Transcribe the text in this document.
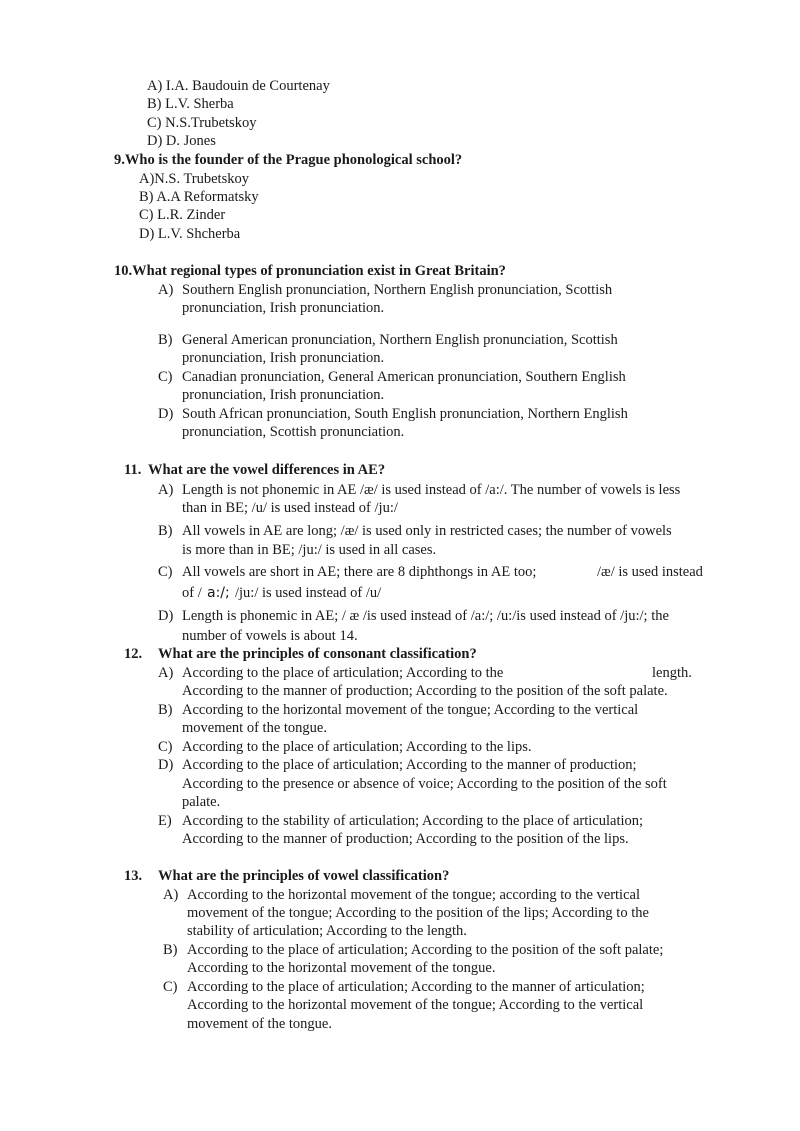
A) I.A. Baudouin de Courtenay
B) L.V. Sherba
C) N.S.Trubetskoy
D) D. Jones
9.Who is the founder of the Prague phonological school?
A)N.S. Trubetskoy
B) A.A Reformatsky
C) L.R. Zinder
D) L.V. Shcherba
10.What regional types of pronunciation exist in Great Britain?
A) Southern English pronunciation, Northern English pronunciation, Scottish
pronunciation, Irish pronunciation.
B) General American pronunciation, Northern English pronunciation, Scottish
pronunciation, Irish pronunciation.
C) Canadian pronunciation, General American pronunciation, Southern English
pronunciation, Irish pronunciation.
D) South African pronunciation, South English pronunciation, Northern English
pronunciation, Scottish pronunciation.
11. What are the vowel differences in AE?
A) Length is not phonemic in AE /æ/ is used instead of /a:/. The number of vowels is less
than in BE; /u/ is used instead of /ju:/
B) All vowels in AE are long; /æ/ is used only in restricted cases; the number of vowels
is more than in BE; /ju:/ is used in all cases.
C) All vowels are short in AE; there are 8 diphthongs in AE too;	/æ/ is used instead
of / a:/; /ju:/ is used instead of /u/
D) Length is phonemic in AE; / æ /is used instead of /a:/; /u:/is used instead of /ju:/; the
number of vowels is about 14.
12. What are the principles of consonant classification?
A) According to the place of articulation; According to the	length.
According to the manner of production; According to the position of the soft palate.
B) According to the horizontal movement of the tongue; According to the vertical
movement of the tongue.
C) According to the place of articulation; According to the lips.
D) According to the place of articulation; According to the manner of production;
According to the presence or absence of voice; According to the position of the soft
palate.
E) According to the stability of articulation; According to the place of articulation;
According to the manner of production; According to the position of the lips.
13. What are the principles of vowel classification?
A) According to the horizontal movement of the tongue; according to the vertical
movement of the tongue; According to the position of the lips; According to the
stability of articulation; According to the length.
B) According to the place of articulation; According to the position of the soft palate;
According to the horizontal movement of the tongue.
C) According to the place of articulation; According to the manner of articulation;
According to the horizontal movement of the tongue; According to the vertical
movement of the tongue.
